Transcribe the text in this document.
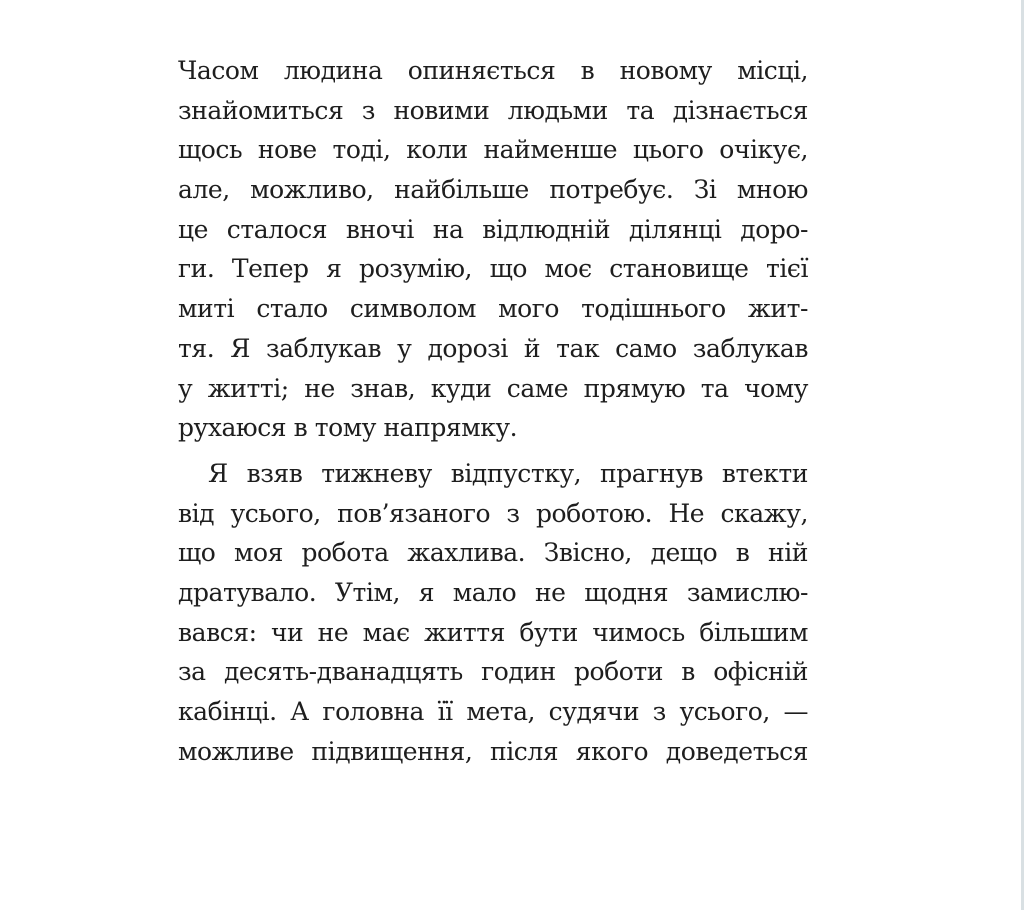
Часом людина опиняється в новому місці,
знайомиться з новими людьми та дізнається
щось нове тоді, коли найменше цього очікує,
але, можливо, найбільше потребує. Зі мною
це сталося вночі на відлюдній ділянці доро-
ги. Тепер я розумію, що моє становище тієї
миті стало символом мого тодішнього жит-
тя. Я заблукав у дорозі й так само заблукав
у житті; не знав, куди саме прямую та чому
рухаюся в тому напрямку.

Я взяв тижневу відпустку, прагнув втекти
від усього, пов’язаного з роботою. Не скажу,
що моя робота жахлива. Звісно, дещо в ній
дратувало. Утім, я мало не щодня замислю-
вався: чи не має життя бути чимось більшим
за десять-дванадцять годин роботи в офісній
кабінці. А головна її мета, судячи з усього, —
можливе підвищення, після якого доведеться
